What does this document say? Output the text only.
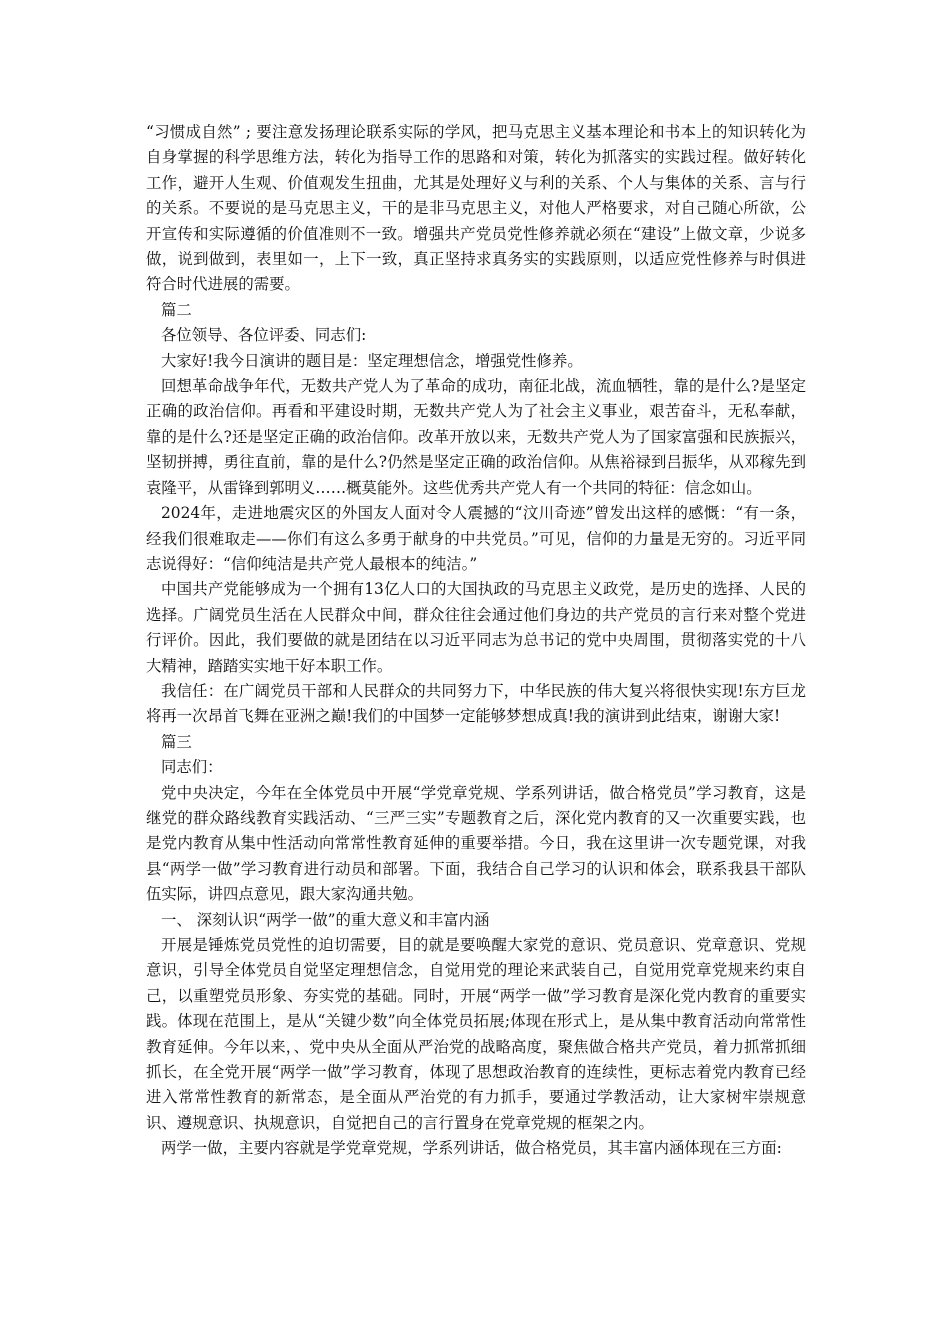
“习惯成自然” ; 要注意发扬理论联系实际的学风，把马克思主义基本理论和书本上的知识转化为自身掌握的科学思维方法，转化为指导工作的思路和对策，转化为抓落实的实践过程。做好转化工作，避开人生观、价值观发生扭曲，尤其是处理好义与利的关系、个人与集体的关系、言与行的关系。不要说的是马克思主义，干的是非马克思主义，对他人严格要求，对自己随心所欲，公开宣传和实际遵循的价值准则不一致。增强共产党员党性修养就必须在“建设”上做文章，少说多做，说到做到，表里如一，上下一致，真正坚持求真务实的实践原则，以适应党性修养与时俱进符合时代进展的需要。

篇二

各位领导、各位评委、同志们:

大家好!我今日演讲的题目是：坚定理想信念，增强党性修养。

回想革命战争年代，无数共产党人为了革命的成功，南征北战，流血牺牲，靠的是什么?是坚定正确的政治信仰。再看和平建设时期，无数共产党人为了社会主义事业，艰苦奋斗，无私奉献，靠的是什么?还是坚定正确的政治信仰。改革开放以来，无数共产党人为了国家富强和民族振兴，坚韧拼搏，勇往直前，靠的是什么?仍然是坚定正确的政治信仰。从焦裕禄到吕振华，从邓稼先到袁隆平，从雷锋到郭明义……概莫能外。这些优秀共产党人有一个共同的特征：信念如山。

2024年，走进地震灾区的外国友人面对令人震撼的“汶川奇迹”曾发出这样的感慨：“有一条，经我们很难取走——你们有这么多勇于献身的中共党员。”可见，信仰的力量是无穷的。习近平同志说得好：“信仰纯洁是共产党人最根本的纯洁。”

中国共产党能够成为一个拥有13亿人口的大国执政的马克思主义政党，是历史的选择、人民的选择。广阔党员生活在人民群众中间，群众往往会通过他们身边的共产党员的言行来对整个党进行评价。因此，我们要做的就是团结在以习近平同志为总书记的党中央周围，贯彻落实党的十八大精神，踏踏实实地干好本职工作。

我信任：在广阔党员干部和人民群众的共同努力下，中华民族的伟大复兴将很快实现!东方巨龙将再一次昂首飞舞在亚洲之巅!我们的中国梦一定能够梦想成真!我的演讲到此结束，谢谢大家!

篇三

同志们：

党中央决定，今年在全体党员中开展“学党章党规、学系列讲话，做合格党员”学习教育，这是继党的群众路线教育实践活动、“三严三实”专题教育之后，深化党内教育的又一次重要实践，也是党内教育从集中性活动向常常性教育延伸的重要举措。今日，我在这里讲一次专题党课，对我县“两学一做”学习教育进行动员和部署。下面，我结合自己学习的认识和体会，联系我县干部队伍实际，讲四点意见，跟大家沟通共勉。

一、 深刻认识“两学一做”的重大意义和丰富内涵

开展是锤炼党员党性的迫切需要，目的就是要唤醒大家党的意识、党员意识、党章意识、党规意识，引导全体党员自觉坚定理想信念，自觉用党的理论来武装自己，自觉用党章党规来约束自己，以重塑党员形象、夯实党的基础。同时，开展“两学一做”学习教育是深化党内教育的重要实践。体现在范围上，是从“关键少数”向全体党员拓展;体现在形式上，是从集中教育活动向常常性教育延伸。今年以来，、党中央从全面从严治党的战略高度，聚焦做合格共产党员，着力抓常抓细抓长，在全党开展“两学一做”学习教育，体现了思想政治教育的连续性，更标志着党内教育已经进入常常性教育的新常态，是全面从严治党的有力抓手，要通过学教活动，让大家树牢崇规意识、遵规意识、执规意识，自觉把自己的言行置身在党章党规的框架之内。

两学一做，主要内容就是学党章党规，学系列讲话，做合格党员，其丰富内涵体现在三方面:
